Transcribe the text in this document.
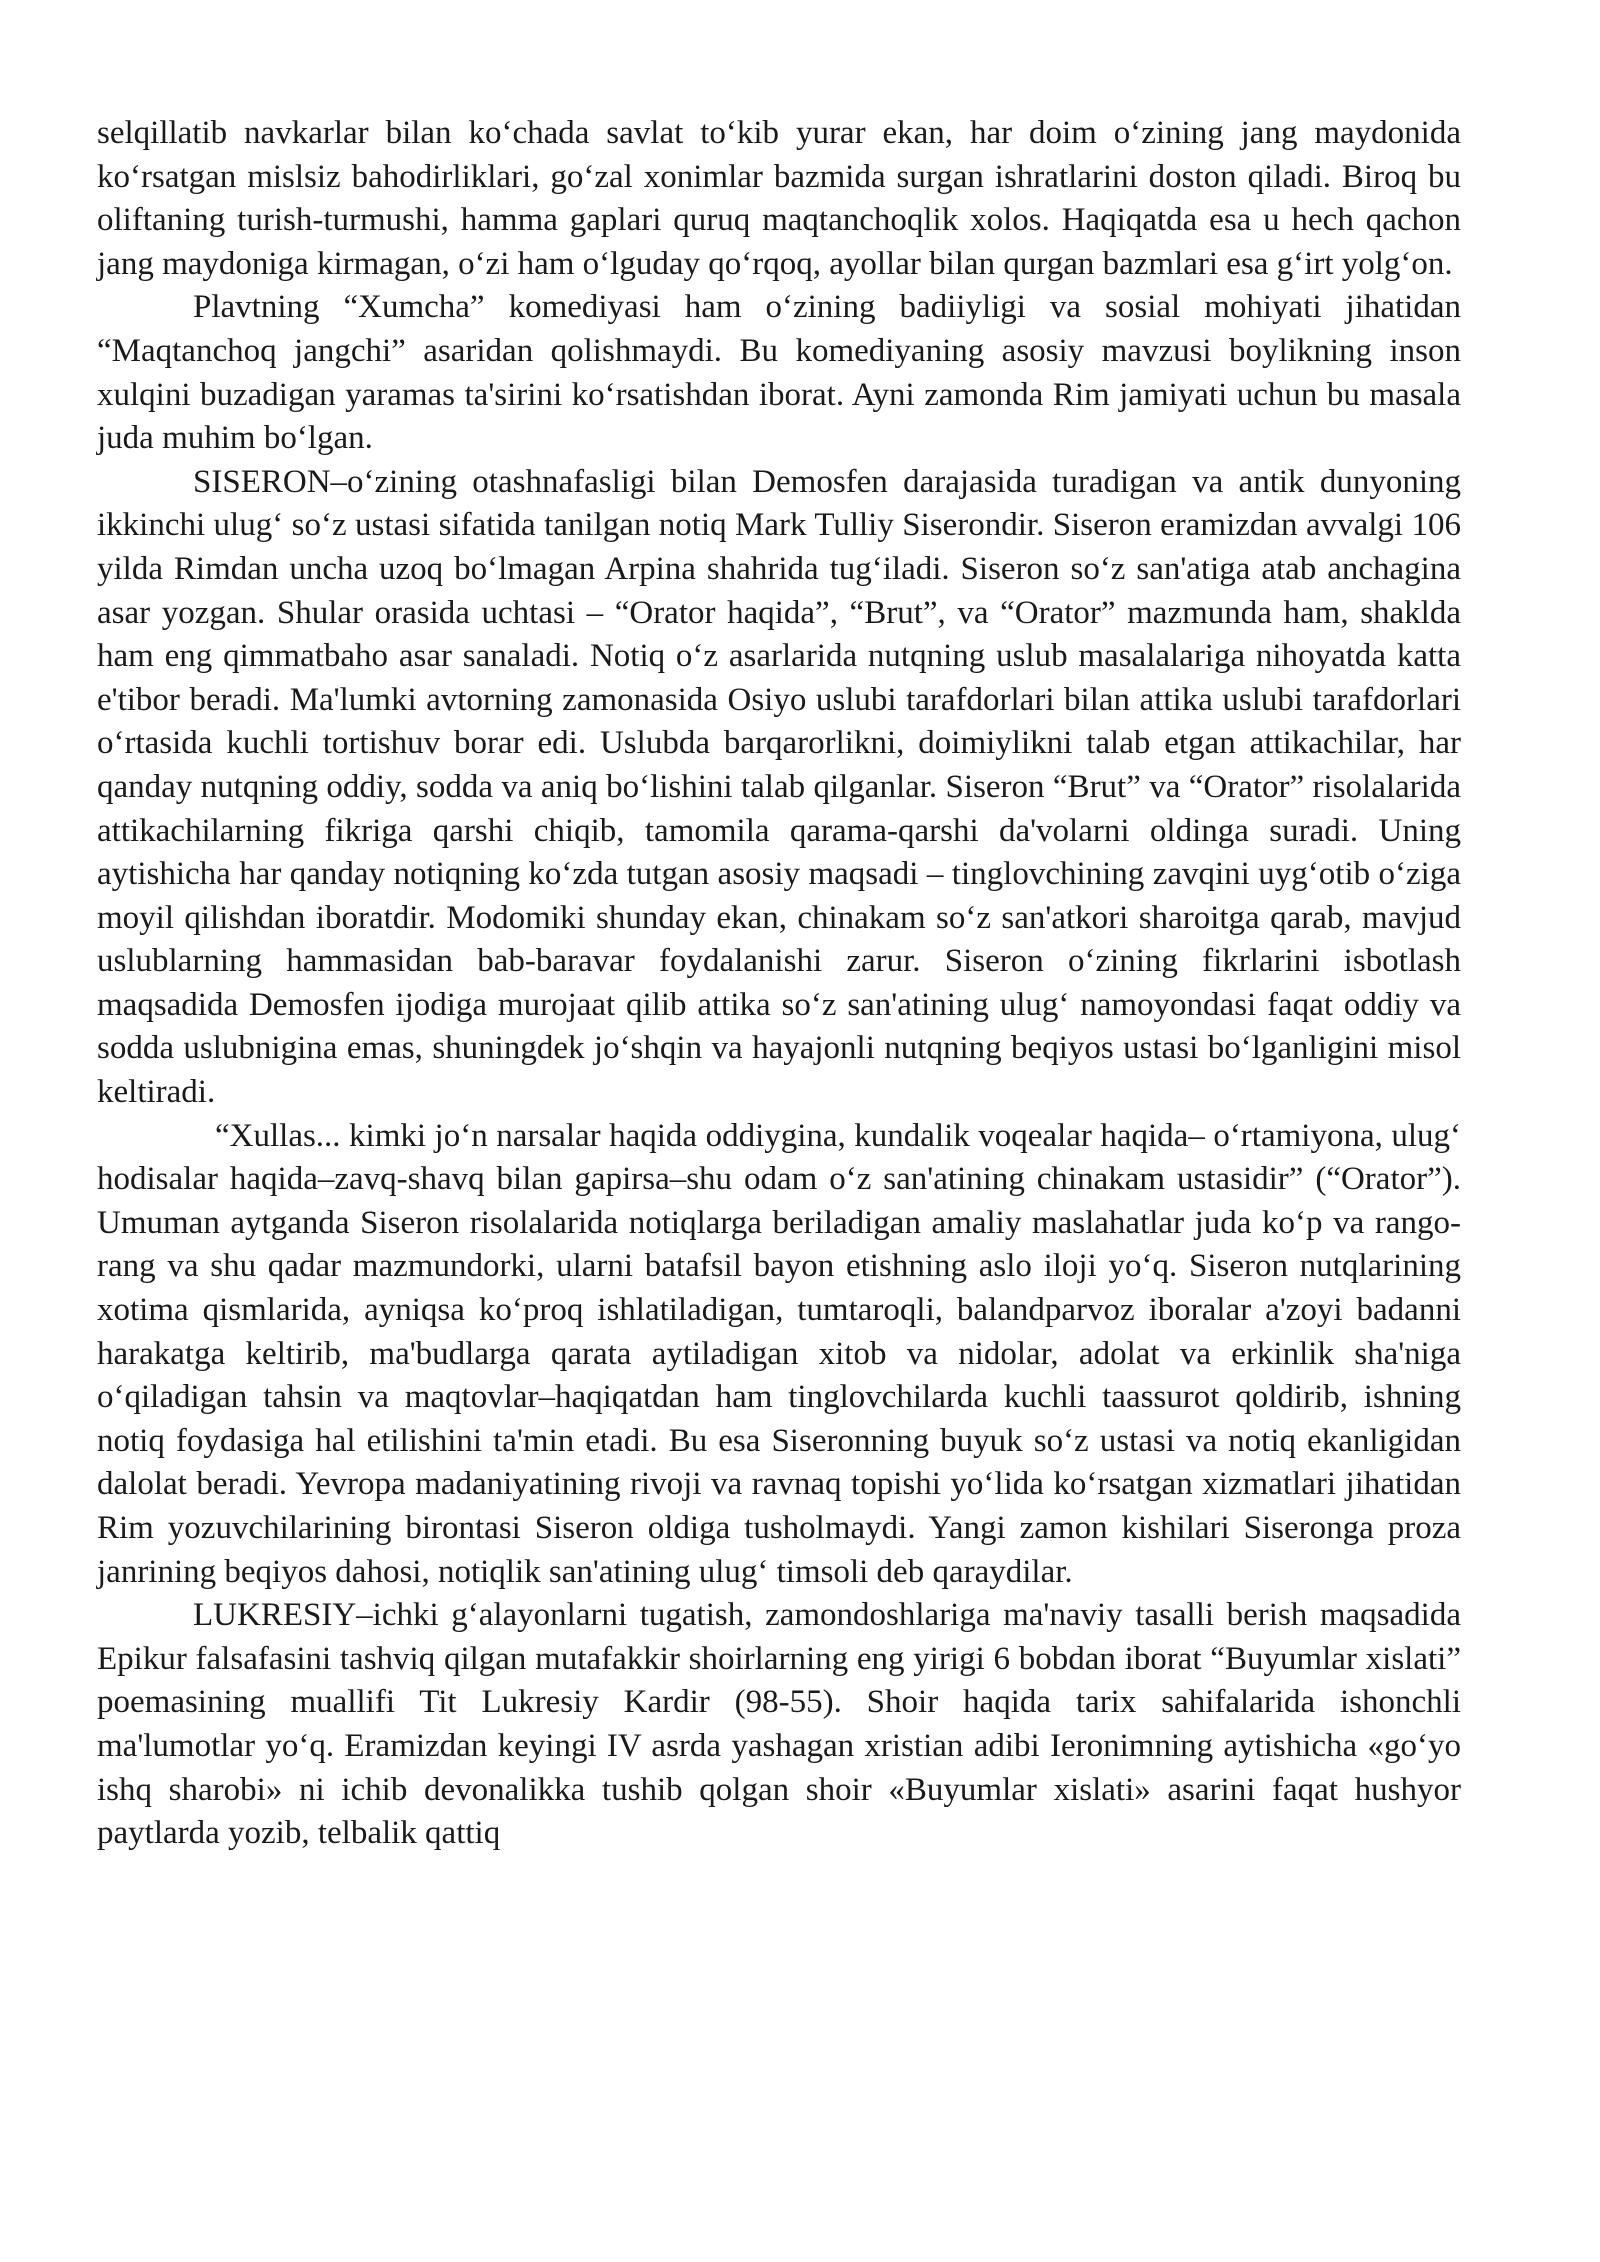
selqillatib navkarlar bilan ko‘chada savlat to‘kib yurar ekan, har doim o‘zining jang maydonida ko‘rsatgan mislsiz bahodirliklari, go‘zal xonimlar bazmida surgan ishratlarini doston qiladi. Biroq bu oliftaning turish-turmushi, hamma gaplari quruq maqtanchoqlik xolos. Haqiqatda esa u hech qachon jang maydoniga kirmagan, o‘zi ham o‘lguday qo‘rqoq, ayollar bilan qurgan bazmlari esa g‘irt yolg‘on.

Plavtning “Xumcha” komediyasi ham o‘zining badiiyligi va sosial mohiyati jihatidan “Maqtanchoq jangchi” asaridan qolishmaydi. Bu komediyaning asosiy mavzusi boylikning inson xulqini buzadigan yaramas ta'sirini ko‘rsatishdan iborat. Ayni zamonda Rim jamiyati uchun bu masala juda muhim bo‘lgan.

SISERON–o‘zining otashnafasligi bilan Demosfen darajasida turadigan va antik dunyoning ikkinchi ulug‘ so‘z ustasi sifatida tanilgan notiq Mark Tulliy Siserondir. Siseron eramizdan avvalgi 106 yilda Rimdan uncha uzoq bo‘lmagan Arpina shahrida tug‘iladi. Siseron so‘z san'atiga atab anchagina asar yozgan. Shular orasida uchtasi – “Orator haqida”, “Brut”, va “Orator” mazmunda ham, shaklda ham eng qimmatbaho asar sanaladi. Notiq o‘z asarlarida nutqning uslub masalalariga nihoyatda katta e'tibor beradi. Ma'lumki avtorning zamonasida Osiyo uslubi tarafdorlari bilan attika uslubi tarafdorlari o‘rtasida kuchli tortishuv borar edi. Uslubda barqarorlikni, doimiylikni talab etgan attikachilar, har qanday nutqning oddiy, sodda va aniq bo‘lishini talab qilganlar. Siseron “Brut” va “Orator” risolalarida attikachilarning fikriga qarshi chiqib, tamomila qarama-qarshi da'volarni oldinga suradi. Uning aytishicha har qanday notiqning ko‘zda tutgan asosiy maqsadi – tinglovchining zavqini uyg‘otib o‘ziga moyil qilishdan iboratdir. Modomiki shunday ekan, chinakam so‘z san'atkori sharoitga qarab, mavjud uslublarning hammasidan bab-baravar foydalanishi zarur. Siseron o‘zining fikrlarini isbotlash maqsadida Demosfen ijodiga murojaat qilib attika so‘z san'atining ulug‘ namoyondasi faqat oddiy va sodda uslubnigina emas, shuningdek jo‘shqin va hayajonli nutqning beqiyos ustasi bo‘lganligini misol keltiradi.

“Xullas... kimki jo‘n narsalar haqida oddiygina, kundalik voqealar haqida– o‘rtamiyona, ulug‘ hodisalar haqida–zavq-shavq bilan gapirsa–shu odam o‘z san'atining chinakam ustasidir” (“Orator”). Umuman aytganda Siseron risolalarida notiqlarga beriladigan amaliy maslahatlar juda ko‘p va rango-rang va shu qadar mazmundorki, ularni batafsil bayon etishning aslo iloji yo‘q. Siseron nutqlarining xotima qismlarida, ayniqsa ko‘proq ishlatiladigan, tumtaroqli, balandparvoz iboralar a'zoyi badanni harakatga keltirib, ma'budlarga qarata aytiladigan xitob va nidolar, adolat va erkinlik sha'niga o‘qiladigan tahsin va maqtovlar–haqiqatdan ham tinglovchilarda kuchli taassurot qoldirib, ishning notiq foydasiga hal etilishini ta'min etadi. Bu esa Siseronning buyuk so‘z ustasi va notiq ekanligidan dalolat beradi. Yevropa madaniyatining rivoji va ravnaq topishi yo‘lida ko‘rsatgan xizmatlari jihatidan Rim yozuvchilarining birontasi Siseron oldiga tusholmaydi. Yangi zamon kishilari Siseronga proza janrining beqiyos dahosi, notiqlik san'atining ulug‘ timsoli deb qaraydilar.

LUKRESIY–ichki g‘alayonlarni tugatish, zamondoshlariga ma'naviy tasalli berish maqsadida Epikur falsafasini tashviq qilgan mutafakkir shoirlarning eng yirigi 6 bobdan iborat “Buyumlar xislati” poemasining muallifi Tit Lukresiy Kardir (98-55). Shoir haqida tarix sahifalarida ishonchli ma'lumotlar yo‘q. Eramizdan keyingi IV asrda yashagan xristian adibi Ieronimning aytishicha «go‘yo ishq sharobi» ni ichib devonalikka tushib qolgan shoir «Buyumlar xislati» asarini faqat hushyor paytlarda yozib, telbalik qattiq
